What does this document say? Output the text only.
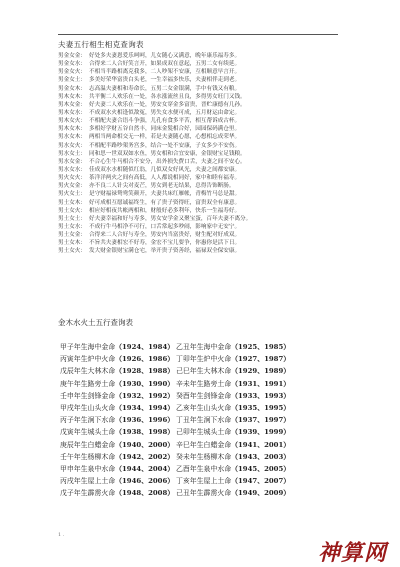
夫妻五行相生相克查询表
男金女金： 好处多夫妻恩爱乐呵呵，儿女随心又满意，晚年康乐福寿多。
男金女水： 合得来二人合好笑言开，如果成双在意起，五男二女有续延。
男金女火： 不相当半路相离克我多，二人吵架不安康，互相顺意早言开。
男金女土： 多美好荣华富贵白头老，一生幸福多快乐，夫妻相伴走到老。
男金女木： 志高温夫妻相和寿命长，五男二女金银满，手中有钱又有粮。
男木女木： 共平衡二人欢乐在一处，各水涨流丝且良，多得男女旺门又钱。
男木女金： 好夫妻二人欢乐在一处，男安女穿金多富贵，晋贮康德有几孙。
男木女水： 不成双水火相逢似敌冤，男失女水便可成，五月财运由命定。
男木女火： 不相配夫妻合语斗争强，儿孔有食多平苦，相互帮诉成古杯。
男木女木： 多相好学财五谷自然丰，同床金髮相合好，园园保码满仓里。
男水女木： 两相当两命相交无一样，若是夫妻随心愿，心想相忘成荣华。
男水女火： 不相配半路吵架务宫多，结合一处不安康，子女多少不安伤。
男水女土： 同和思一世双双如水鱼，男女相和合宜安康，金银财宝足钱粮。
男水女金： 不合心生牛马相合不安分，出外损失費口舌，夫妻之间不安心。
男水女水： 佳成双水水相随似红翁，几似双女好风光，夫妻之间都安康。
男火女火： 茶洋洋两火之间有高低，人人都说相同好，家中和睦有福寿。
男火女金： 亦不良二人针尖对麦芒，男女到老无结果，总得告饰断肠。
男火女土： 是守财福禄鸳鸯笑颜开，夫妻共床红雁帐，青梅竹马总是甜。
男土女木： 好可成相互愿诚福终生，有了贵子资得旺，富贵双全有康意。
男土女火： 相应好相夜共帐两相和，财般好必多利年，快乐一生福寿好。
男土女土： 好夫妻幸福和好与寿多，男女安学金又聚宝蛋，百年夫妻不离分。
男土女水： 不成行牛马相净不可行，口舌常起多吵闹，影响家中无安宁。
男土女金： 合得来二人合好与寿全，男安内当富贵好，财生配对好成双。
男土女木： 不旨共夫妻相宏不好寿，金宏不宝儿要争，你惠你是活下日。
男土女火： 发大财金银财宝满仓宅，举开贵子资善经，福禄双全保安康。
金木水火土五行查询表
甲子年生海中金命（1924、1984） 乙丑年生海中金命（1925、1985）
丙寅年生炉中火命（1926、1986） 丁卯年生炉中火命（1927、1987）
戊辰年生大林木命（1928、1988） 己巳年生大林木命（1929、1989）
庚午年生路旁土命（1930、1990） 辛未年生路旁土命（1931、1991）
壬申年生剑锋金命（1932、1992） 癸酉年生剑锋金命（1933、1993）
甲戌年生山头火命（1934、1994） 乙亥年生山头火命（1935、1995）
丙子年生涧下水命（1936、1996） 丁丑年生涧下水命（1937、1997）
戊寅年生城头土命（1938、1998） 己卯年生城头土命（1939、1999）
庚辰年生白蜡金命（1940、2000） 辛巳年生白蜡金命（1941、2001）
壬午年生杨柳木命（1942、2002） 癸未年生杨柳木命（1943、2003）
甲申年生泉中水命（1944、2004） 乙酉年生泉中水命（1945、2005）
丙戌年生屋上土命（1946、2006） 丁亥年生屋上土命（1947、2007）
戊子年生霹雳火命（1948、2008） 己丑年生霹雳火命（1949、2009）
1 .
神算网
